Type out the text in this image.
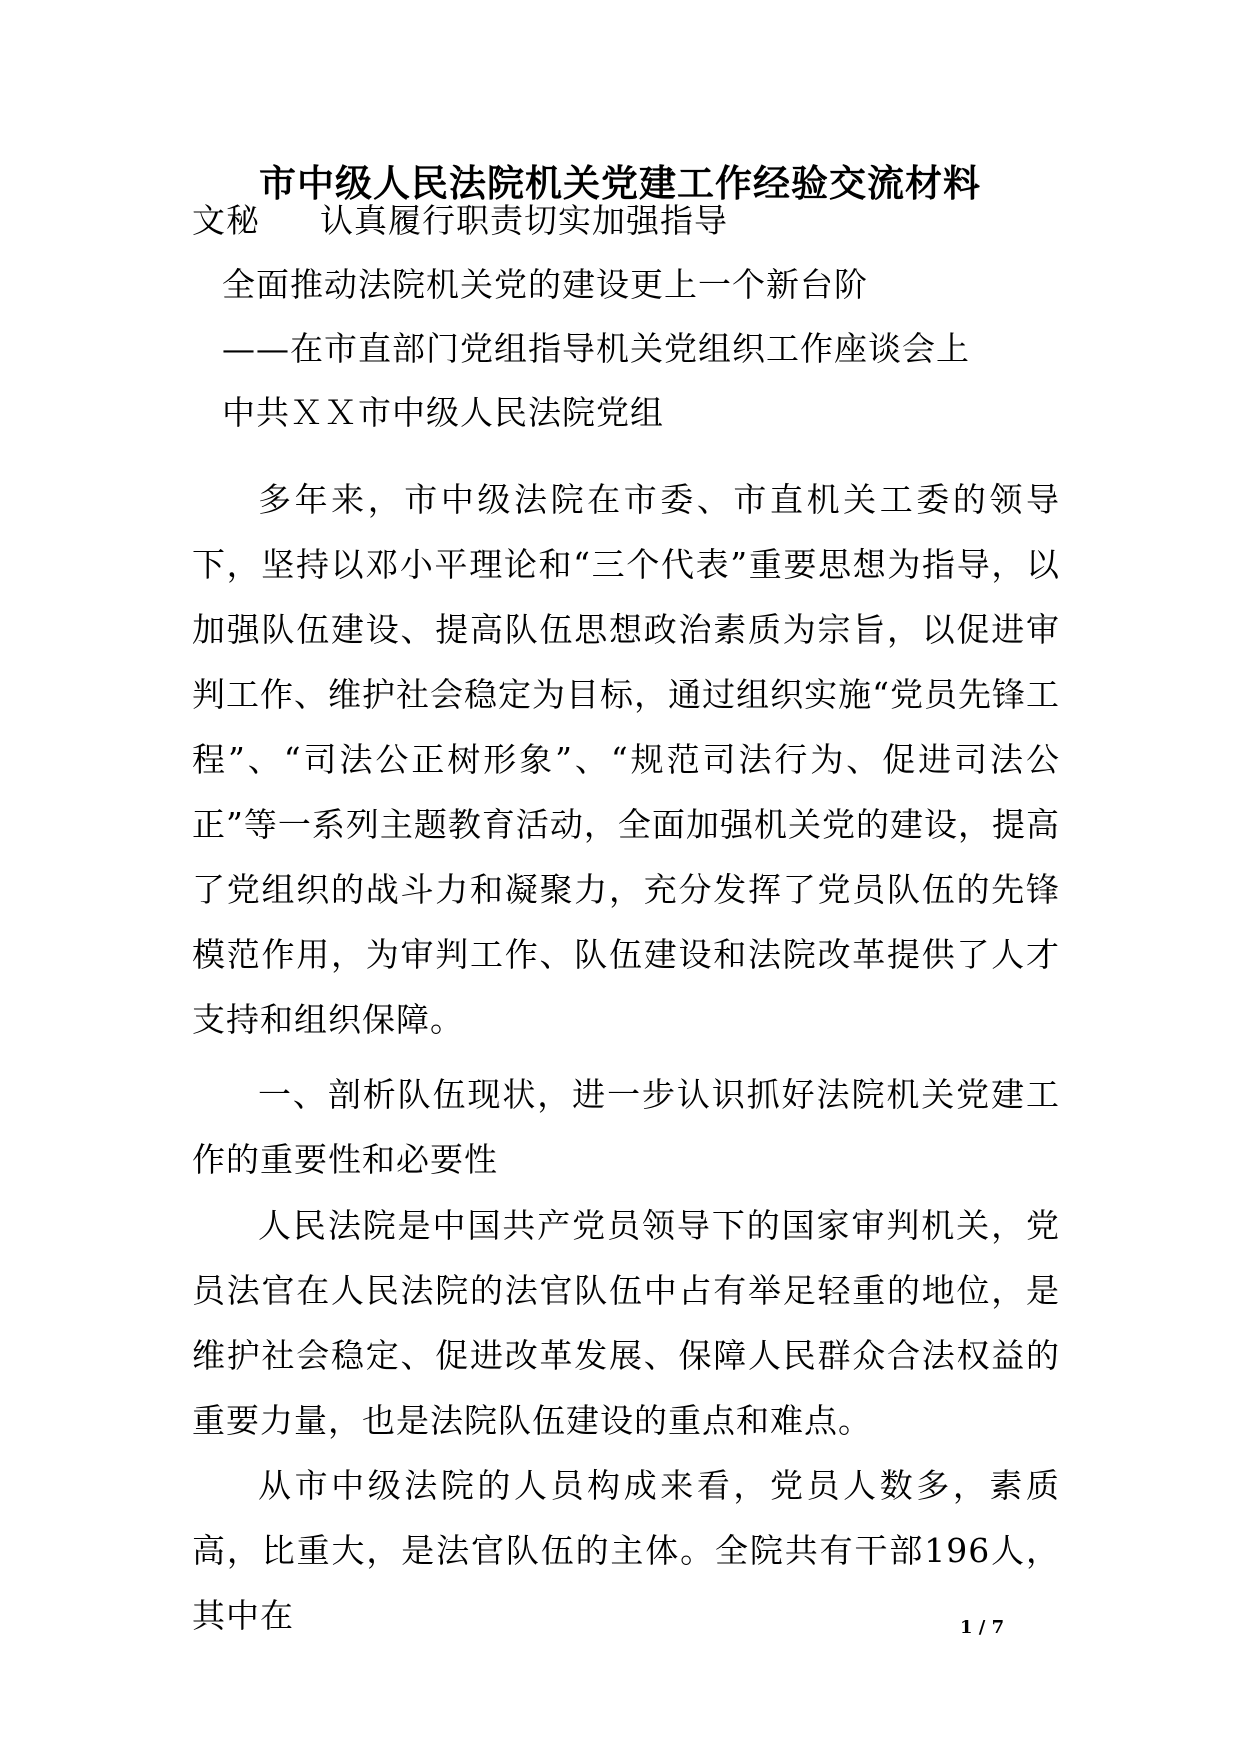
市中级人民法院机关党建工作经验交流材料
文秘 认真履行职责切实加强指导
全面推动法院机关党的建设更上一个新台阶
——在市直部门党组指导机关党组织工作座谈会上
中共ＸＸ市中级人民法院党组

多年来，市中级法院在市委、市直机关工委的领导下，坚持以邓小平理论和“三个代表”重要思想为指导，以加强队伍建设、提高队伍思想政治素质为宗旨，以促进审判工作、维护社会稳定为目标，通过组织实施“党员先锋工程”、“司法公正树形象”、“规范司法行为、促进司法公正”等一系列主题教育活动，全面加强机关党的建设，提高了党组织的战斗力和凝聚力，充分发挥了党员队伍的先锋模范作用，为审判工作、队伍建设和法院改革提供了人才支持和组织保障。

一、剖析队伍现状，进一步认识抓好法院机关党建工作的重要性和必要性

人民法院是中国共产党员领导下的国家审判机关，党员法官在人民法院的法官队伍中占有举足轻重的地位，是维护社会稳定、促进改革发展、保障人民群众合法权益的重要力量，也是法院队伍建设的重点和难点。

从市中级法院的人员构成来看，党员人数多，素质高，比重大，是法官队伍的主体。全院共有干部196人，其中在	1 / 7
